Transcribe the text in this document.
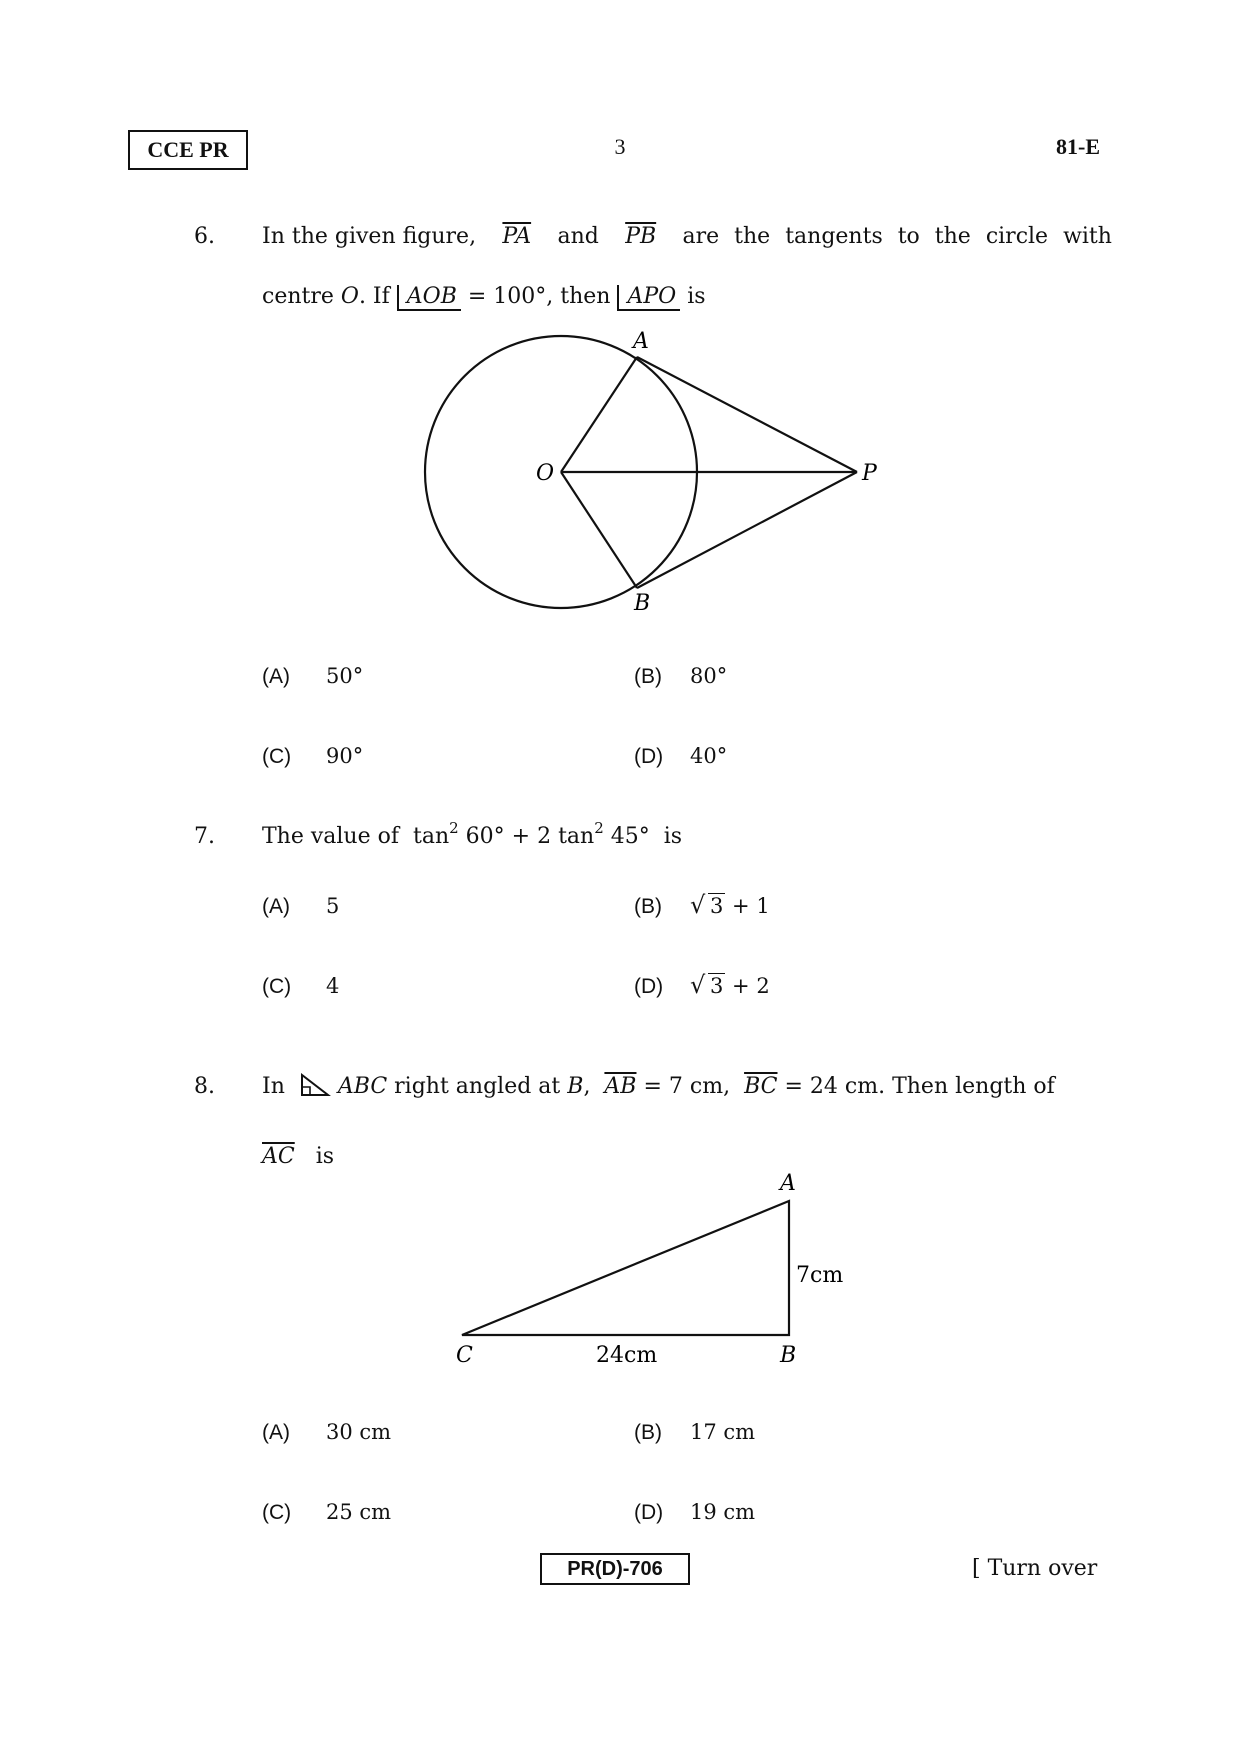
CCE PR	3	81-E
6. In the given figure, $\overline{PA}$ and $\overline{PB}$ are the tangents to the circle with
centre O. If AOB = 100°, then APO is
A
B
O	P
A
B
C
7cm
24cm
(A) 50°	(B) 80°
(C) 90°	(D) 40°
7. The value of  $\tan^2 60^\circ + 2$ $\tan^2 45^\circ$  is
(A) 5	(B) √ 3 + 1
(C) 4	(D) √ 3 + 2
8. In ABC right angled at B,  $\overline{AB} = 7$ cm, $\overline{BC} = 24$ cm. Then length of
$\overline{AC}$ is
(A) 30 cm	(B) 17 cm
(C) 25 cm	(D) 19 cm
PR(D)-706	[ Turn over
